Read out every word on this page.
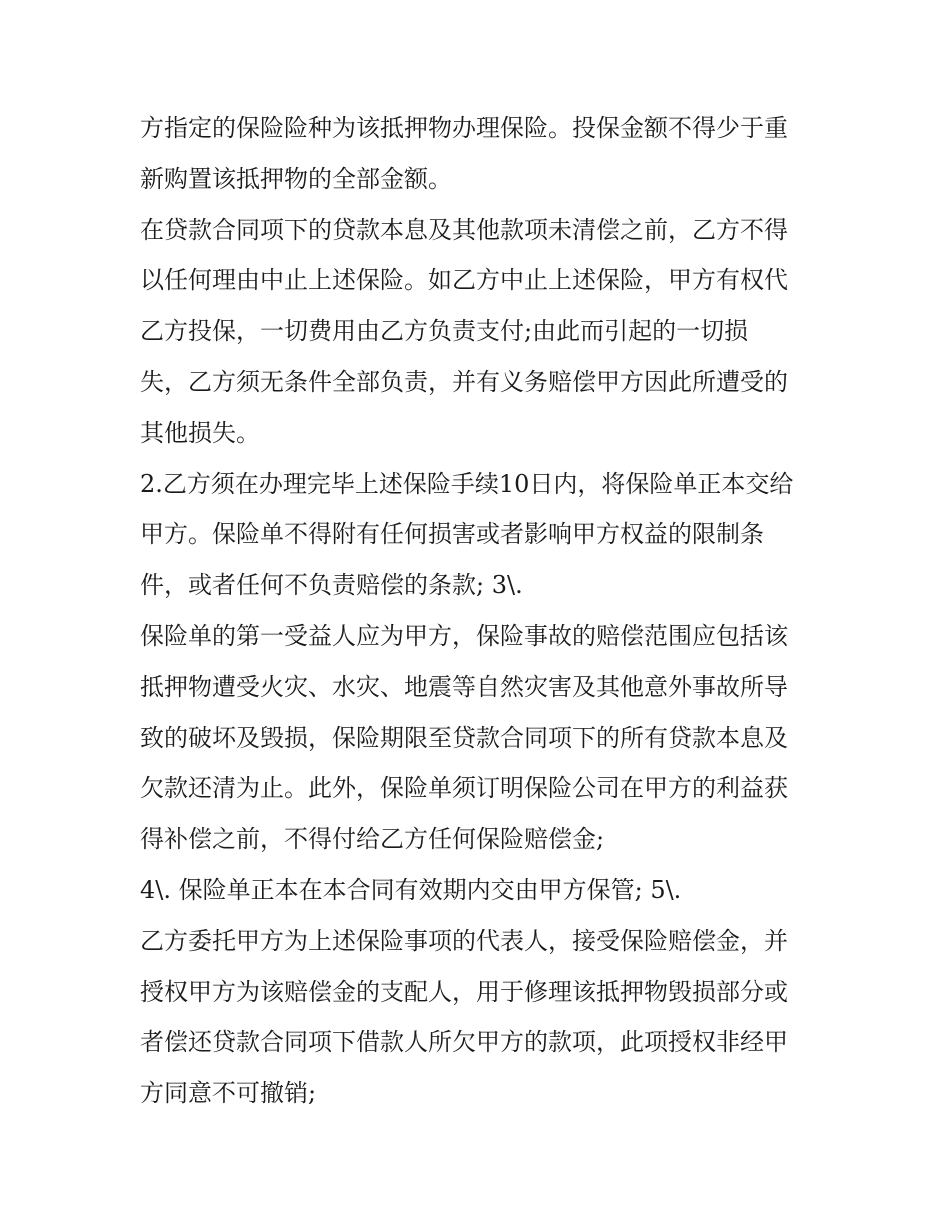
方指定的保险险种为该抵押物办理保险。投保金额不得少于重
新购置该抵押物的全部金额。
在贷款合同项下的贷款本息及其他款项未清偿之前，乙方不得
以任何理由中止上述保险。如乙方中止上述保险，甲方有权代
乙方投保，一切费用由乙方负责支付;由此而引起的一切损
失，乙方须无条件全部负责，并有义务赔偿甲方因此所遭受的
其他损失。
2.乙方须在办理完毕上述保险手续10日内，将保险单正本交给
甲方。保险单不得附有任何损害或者影响甲方权益的限制条
件，或者任何不负责赔偿的条款; 3\.
保险单的第一受益人应为甲方，保险事故的赔偿范围应包括该
抵押物遭受火灾、水灾、地震等自然灾害及其他意外事故所导
致的破坏及毁损，保险期限至贷款合同项下的所有贷款本息及
欠款还清为止。此外，保险单须订明保险公司在甲方的利益获
得补偿之前，不得付给乙方任何保险赔偿金;
4\. 保险单正本在本合同有效期内交由甲方保管; 5\.
乙方委托甲方为上述保险事项的代表人，接受保险赔偿金，并
授权甲方为该赔偿金的支配人，用于修理该抵押物毁损部分或
者偿还贷款合同项下借款人所欠甲方的款项，此项授权非经甲
方同意不可撤销;
